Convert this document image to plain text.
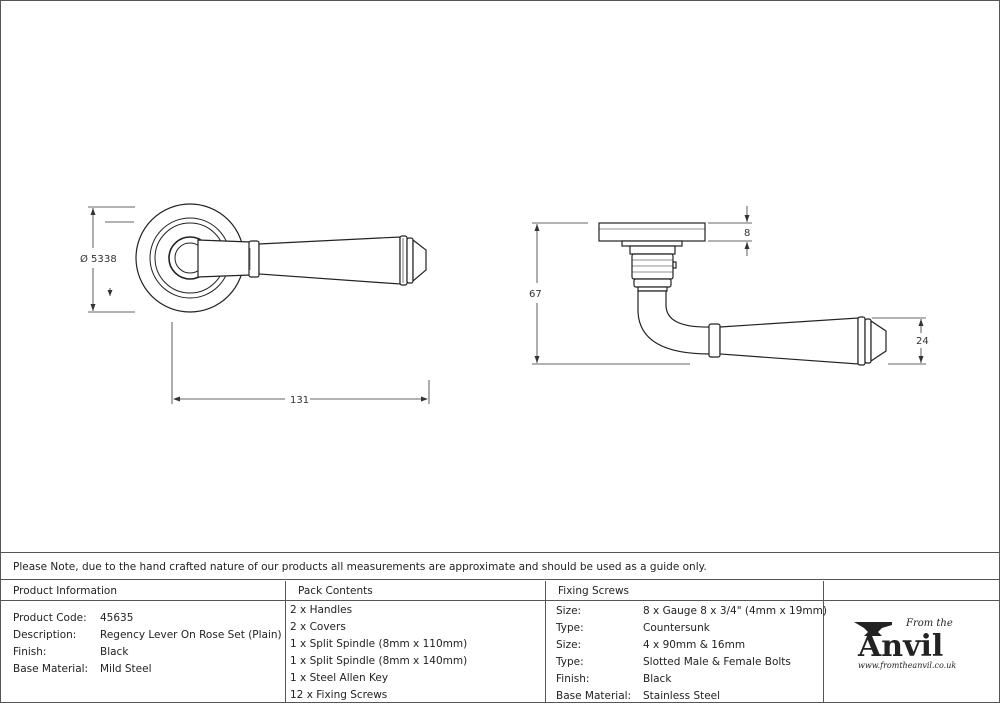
Ø 53 38
131
67
8
24
Please Note, due to the hand crafted nature of our products all measurements are approximate and should be used as a guide only.
Product Information	Pack Contents	Fixing Screws
Product Code:	45635
Description:	Regency Lever On Rose Set (Plain)
Finish:	Black
Base Material:	Mild Steel
2 x Handles
2 x Covers
1 x Split Spindle (8mm x 110mm)
1 x Split Spindle (8mm x 140mm)
1 x Steel Allen Key
12 x Fixing Screws
Size:	8 x Gauge 8 x 3/4" (4mm x 19mm)
Type:	Countersunk
Size:	4 x 90mm & 16mm
Type:	Slotted Male & Female Bolts
Finish:	Black
Base Material:	Stainless Steel
From the
Anvil
www.fromtheanvil.co.uk
